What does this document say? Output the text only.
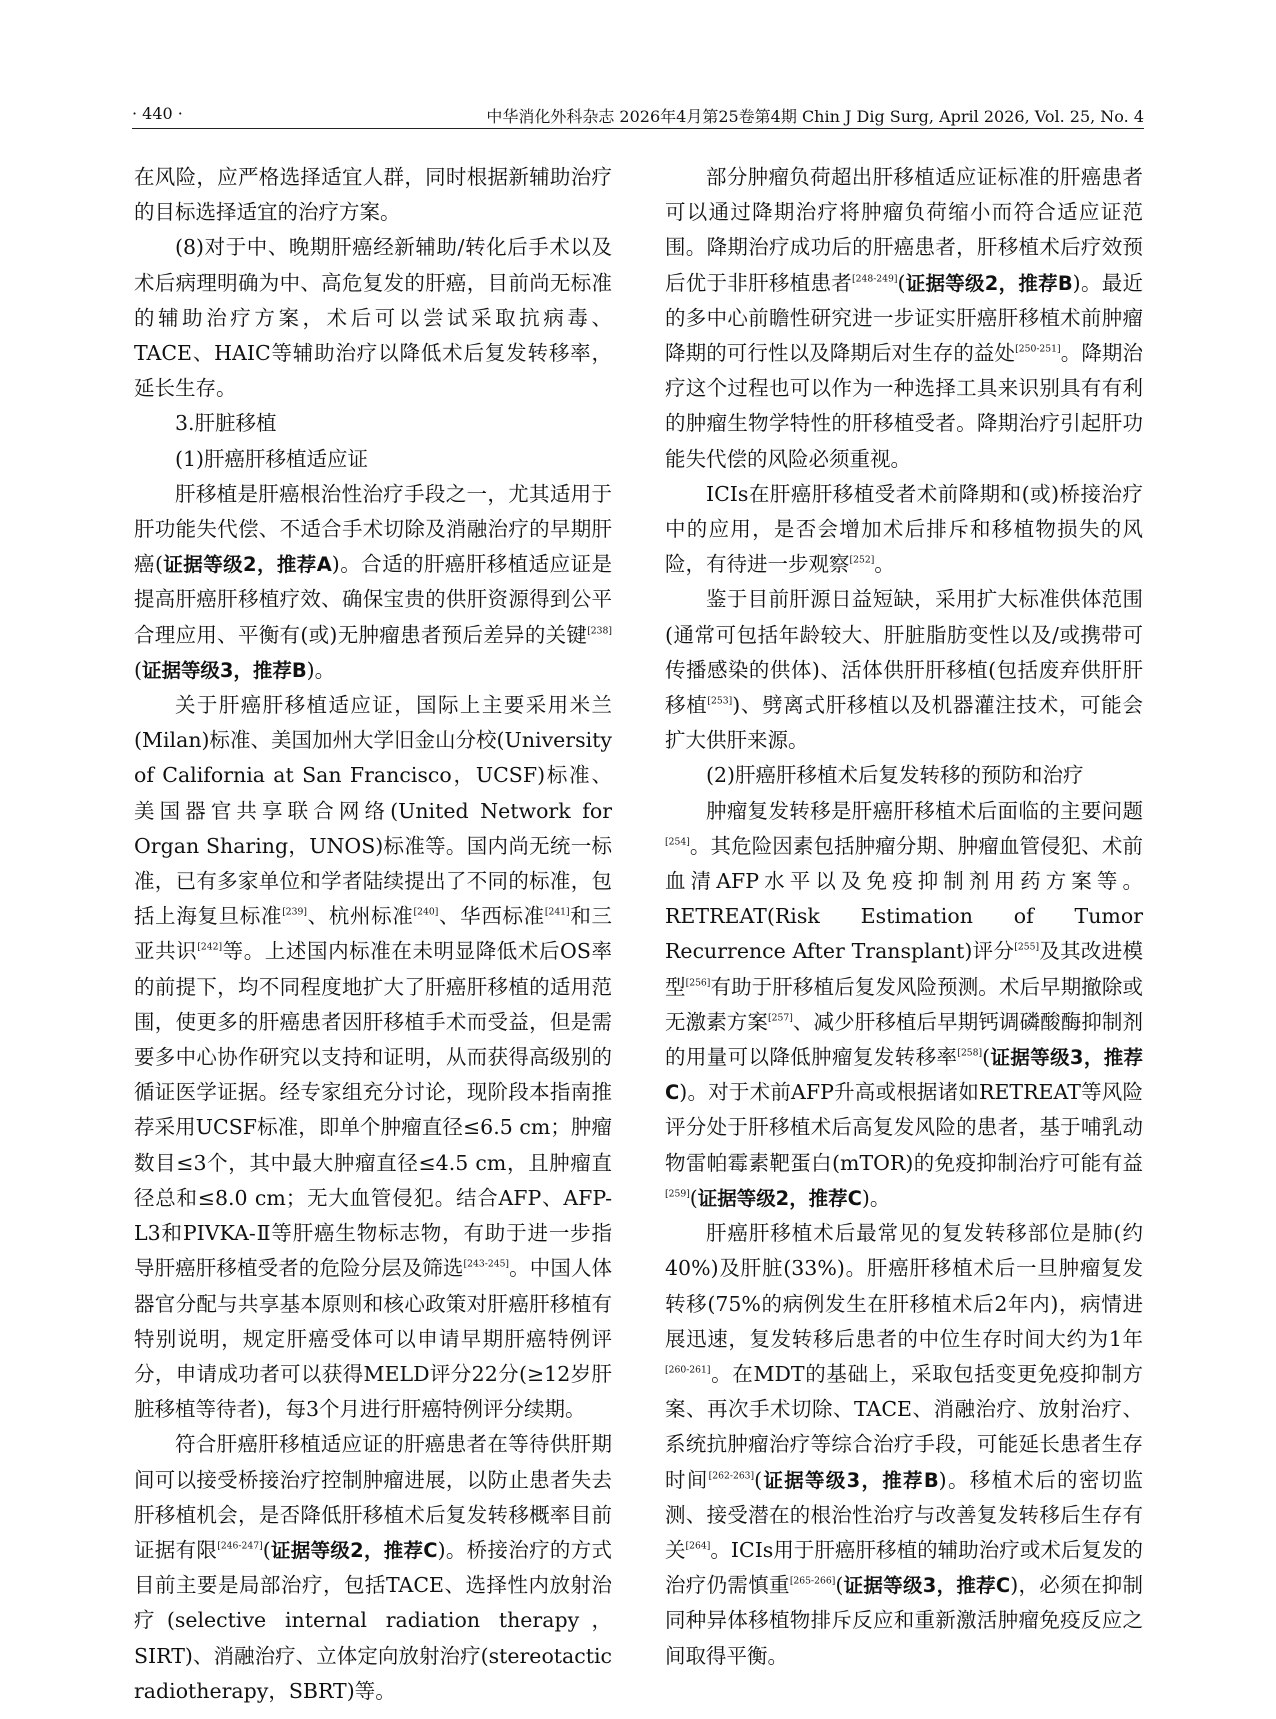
· 440 ·	中华消化外科杂志 2026年4月第25卷第4期 Chin J Dig Surg, April 2026, Vol. 25, No. 4

在风险，应严格选择适宜人群，同时根据新辅助治疗的目标选择适宜的治疗方案。

(8)对于中、晚期肝癌经新辅助/转化后手术以及术后病理明确为中、高危复发的肝癌，目前尚无标准的辅助治疗方案，术后可以尝试采取抗病毒、TACE、HAIC等辅助治疗以降低术后复发转移率，延长生存。

3.肝脏移植

(1)肝癌肝移植适应证

肝移植是肝癌根治性治疗手段之一，尤其适用于肝功能失代偿、不适合手术切除及消融治疗的早期肝癌(证据等级2，推荐A)。合适的肝癌肝移植适应证是提高肝癌肝移植疗效、确保宝贵的供肝资源得到公平合理应用、平衡有(或)无肿瘤患者预后差异的关键[238](证据等级3，推荐B)。

关于肝癌肝移植适应证，国际上主要采用米兰(Milan)标准、美国加州大学旧金山分校(University of California at San Francisco，UCSF)标准、美国器官共享联合网络(United Network for Organ Sharing，UNOS)标准等。国内尚无统一标准，已有多家单位和学者陆续提出了不同的标准，包括上海复旦标准[239]、杭州标准[240]、华西标准[241]和三亚共识[242]等。上述国内标准在未明显降低术后OS率的前提下，均不同程度地扩大了肝癌肝移植的适用范围，使更多的肝癌患者因肝移植手术而受益，但是需要多中心协作研究以支持和证明，从而获得高级别的循证医学证据。经专家组充分讨论，现阶段本指南推荐采用UCSF标准，即单个肿瘤直径≤6.5 cm；肿瘤数目≤3个，其中最大肿瘤直径≤4.5 cm，且肿瘤直径总和≤8.0 cm；无大血管侵犯。结合AFP、AFP-L3和PIVKA-Ⅱ等肝癌生物标志物，有助于进一步指导肝癌肝移植受者的危险分层及筛选[243-245]。中国人体器官分配与共享基本原则和核心政策对肝癌肝移植有特别说明，规定肝癌受体可以申请早期肝癌特例评分，申请成功者可以获得MELD评分22分(≥12岁肝脏移植等待者)，每3个月进行肝癌特例评分续期。

符合肝癌肝移植适应证的肝癌患者在等待供肝期间可以接受桥接治疗控制肿瘤进展，以防止患者失去肝移植机会，是否降低肝移植术后复发转移概率目前证据有限[246-247](证据等级2，推荐C)。桥接治疗的方式目前主要是局部治疗，包括TACE、选择性内放射治疗(selective internal radiation therapy，SIRT)、消融治疗、立体定向放射治疗(stereotactic radiotherapy，SBRT)等。

部分肿瘤负荷超出肝移植适应证标准的肝癌患者可以通过降期治疗将肿瘤负荷缩小而符合适应证范围。降期治疗成功后的肝癌患者，肝移植术后疗效预后优于非肝移植患者[248-249](证据等级2，推荐B)。最近的多中心前瞻性研究进一步证实肝癌肝移植术前肿瘤降期的可行性以及降期后对生存的益处[250-251]。降期治疗这个过程也可以作为一种选择工具来识别具有有利的肿瘤生物学特性的肝移植受者。降期治疗引起肝功能失代偿的风险必须重视。

ICIs在肝癌肝移植受者术前降期和(或)桥接治疗中的应用，是否会增加术后排斥和移植物损失的风险，有待进一步观察[252]。

鉴于目前肝源日益短缺，采用扩大标准供体范围(通常可包括年龄较大、肝脏脂肪变性以及/或携带可传播感染的供体)、活体供肝肝移植(包括废弃供肝肝移植[253])、劈离式肝移植以及机器灌注技术，可能会扩大供肝来源。

(2)肝癌肝移植术后复发转移的预防和治疗

肿瘤复发转移是肝癌肝移植术后面临的主要问题[254]。其危险因素包括肿瘤分期、肿瘤血管侵犯、术前血清AFP水平以及免疫抑制剂用药方案等。RETREAT(Risk Estimation of Tumor Recurrence After Transplant)评分[255]及其改进模型[256]有助于肝移植后复发风险预测。术后早期撤除或无激素方案[257]、减少肝移植后早期钙调磷酸酶抑制剂的用量可以降低肿瘤复发转移率[258](证据等级3，推荐C)。对于术前AFP升高或根据诸如RETREAT等风险评分处于肝移植术后高复发风险的患者，基于哺乳动物雷帕霉素靶蛋白(mTOR)的免疫抑制治疗可能有益[259](证据等级2，推荐C)。

肝癌肝移植术后最常见的复发转移部位是肺(约40%)及肝脏(33%)。肝癌肝移植术后一旦肿瘤复发转移(75%的病例发生在肝移植术后2年内)，病情进展迅速，复发转移后患者的中位生存时间大约为1年[260-261]。在MDT的基础上，采取包括变更免疫抑制方案、再次手术切除、TACE、消融治疗、放射治疗、系统抗肿瘤治疗等综合治疗手段，可能延长患者生存时间[262-263](证据等级3，推荐B)。移植术后的密切监测、接受潜在的根治性治疗与改善复发转移后生存有关[264]。ICIs用于肝癌肝移植的辅助治疗或术后复发的治疗仍需慎重[265-266](证据等级3，推荐C)，必须在抑制同种异体移植物排斥反应和重新激活肿瘤免疫反应之间取得平衡。
